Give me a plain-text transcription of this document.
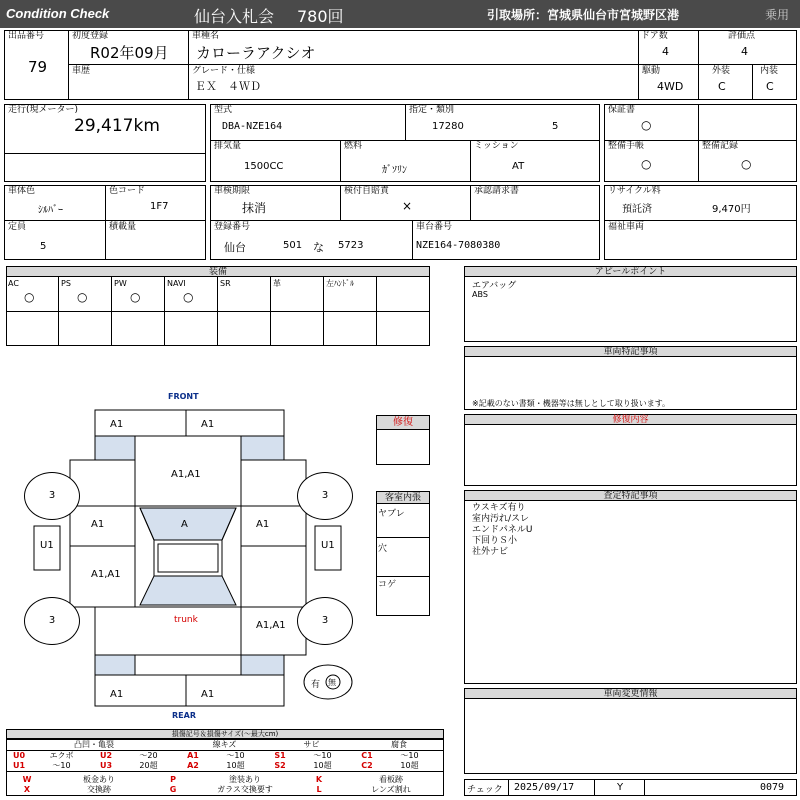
Condition Check	仙台入札会 780回	引取場所：宮城県仙台市宮城野区港	乗用
出品番号
79
初度登録
R02年09月
車種名
カローラアクシオ
ドア数
4
評価点
4
車歴	グレード・仕様
ＥＸ　４ＷＤ
駆動
4WD
外装
C
内装
C
走行(現メーター)
29,417km
型式
DBA-NZE164
指定・類別
17280	5
排気量
1500CC
燃料
ｶﾞｿﾘﾝ
ミッション
AT
保証書
○
整備手帳
○
整備記録
○
車体色
ｼﾙﾊﾞｰ
色コード
1F7
定員
5
積載量
車検期限
抹消
検付自賠責
×
承認請求書
登録番号
仙台	501 な 5723
車台番号
NZE164-7080380
リサイクル料
預託済	9,470円
福祉車両
装備
AC
○
PS
○
PW
○
NAVI
○
SR	革	左ﾊﾝﾄﾞﾙ
アピールポイント
エアバッグ
ABS
車両特記事項
※記載のない書類・機器等は無しとして取り扱います。
修復内容
査定特記事項
ウスキズ有り
室内汚れ/スレ
エンドパネルU
下回りＳ小
社外ナビ
車両変更情報
FRONT
REAR
3	3
3	3
A1	A1
A1,A1
A1	A	A1
U1	U1
A1,A1
trunk	A1,A1
A1	A1
有 無
修復
客室内張
ヤブレ
穴
コゲ
損傷記号＆損傷サイズ(〜最大cm)
凸凹・亀裂	線キズ	サビ	腐食
U0	エクボ	U2	〜20	A1	〜10	S1	〜10	C1	〜10
U1	〜10	U3	20超	A2	10超	S2	10超	C2	10超
W	板金あり	P	塗装あり	K	看板跡
X	交換跡	G	ガラス交換要す	L	レンズ割れ	チェック 2025/09/17	Y	0079
